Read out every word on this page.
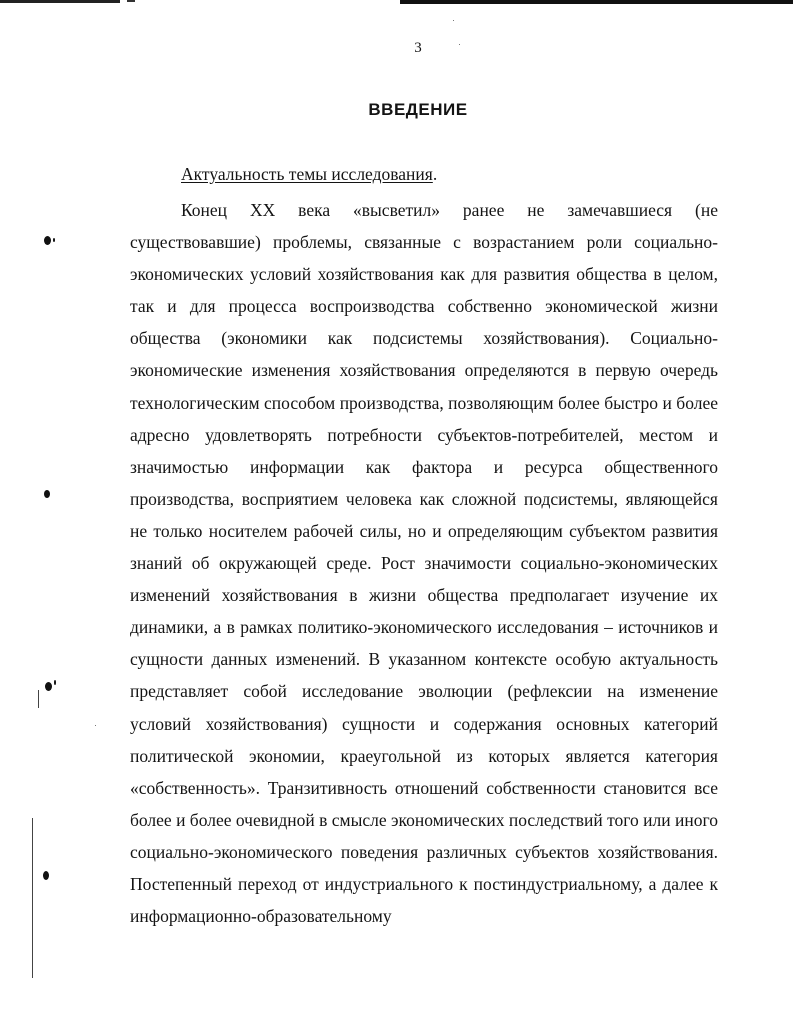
3
ВВЕДЕНИЕ
Актуальность темы исследования.

Конец XX века «высветил» ранее не замечавшиеся (не существовавшие) проблемы, связанные с возрастанием роли социально-экономических условий хозяйствования как для развития общества в целом, так и для процесса воспроизводства собственно экономической жизни общества (экономики как подсистемы хозяйствования). Социально-экономические изменения хозяйствования определяются в первую очередь технологическим способом производства, позволяющим более быстро и более адресно удовлетворять потребности субъектов-потребителей, местом и значимостью информации как фактора и ресурса общественного производства, восприятием человека как сложной подсистемы, являющейся не только носителем рабочей силы, но и определяющим субъектом развития знаний об окружающей среде. Рост значимости социально-экономических изменений хозяйствования в жизни общества предполагает изучение их динамики, а в рамках политико-экономического исследования – источников и сущности данных изменений. В указанном контексте особую актуальность представляет собой исследование эволюции (рефлексии на изменение условий хозяйствования) сущности и содержания основных категорий политической экономии, краеугольной из которых является категория «собственность». Транзитивность отношений собственности становится все более и более очевидной в смысле экономических последствий того или иного социально-экономического поведения различных субъектов хозяйствования. Постепенный переход от индустриального к постиндустриальному, а далее к информационно-образовательному
